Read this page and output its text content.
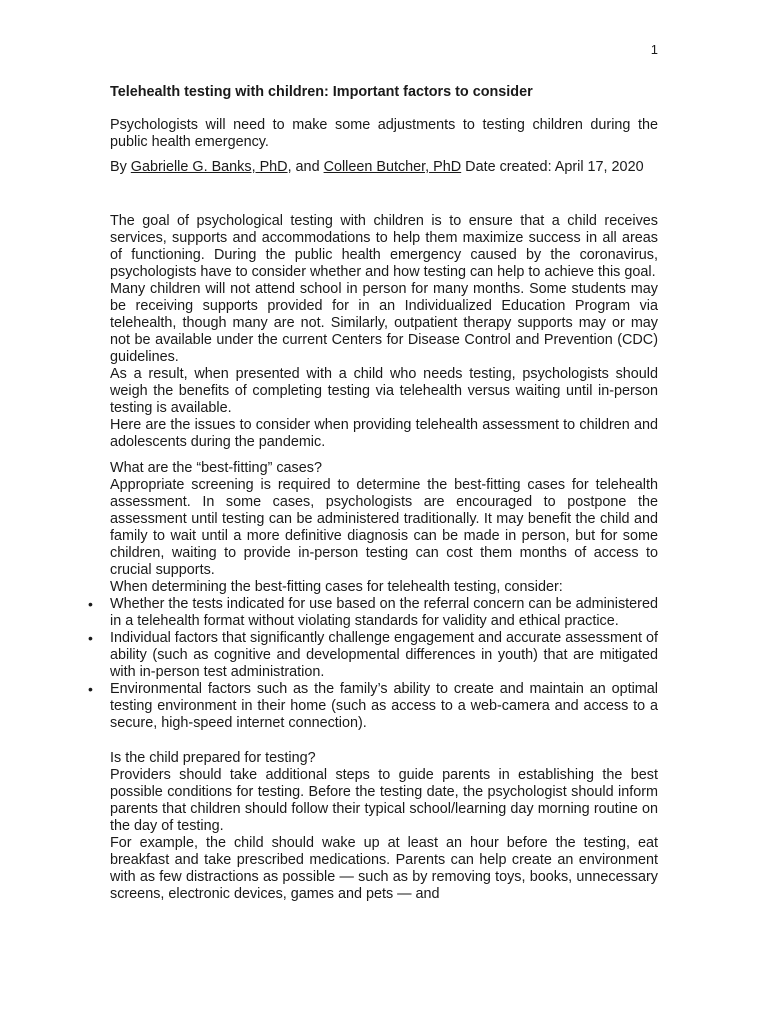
1

Telehealth testing with children: Important factors to consider

Psychologists will need to make some adjustments to testing children during the public health emergency.

By Gabrielle G. Banks, PhD, and Colleen Butcher, PhD Date created: April 17, 2020

The goal of psychological testing with children is to ensure that a child receives services, supports and accommodations to help them maximize success in all areas of functioning. During the public health emergency caused by the coronavirus, psychologists have to consider whether and how testing can help to achieve this goal.

Many children will not attend school in person for many months. Some students may be receiving supports provided for in an Individualized Education Program via telehealth, though many are not. Similarly, outpatient therapy supports may or may not be available under the current Centers for Disease Control and Prevention (CDC) guidelines.

As a result, when presented with a child who needs testing, psychologists should weigh the benefits of completing testing via telehealth versus waiting until in-person testing is available.

Here are the issues to consider when providing telehealth assessment to children and adolescents during the pandemic.

What are the “best-fitting” cases?

Appropriate screening is required to determine the best-fitting cases for telehealth assessment. In some cases, psychologists are encouraged to postpone the assessment until testing can be administered traditionally. It may benefit the child and family to wait until a more definitive diagnosis can be made in person, but for some children, waiting to provide in-person testing can cost them months of access to crucial supports.

When determining the best-fitting cases for telehealth testing, consider:

• Whether the tests indicated for use based on the referral concern can be administered in a telehealth format without violating standards for validity and ethical practice.
• Individual factors that significantly challenge engagement and accurate assessment of ability (such as cognitive and developmental differences in youth) that are mitigated with in-person test administration.
• Environmental factors such as the family’s ability to create and maintain an optimal testing environment in their home (such as access to a web-camera and access to a secure, high-speed internet connection).

Is the child prepared for testing?

Providers should take additional steps to guide parents in establishing the best possible conditions for testing. Before the testing date, the psychologist should inform parents that children should follow their typical school/learning day morning routine on the day of testing.

For example, the child should wake up at least an hour before the testing, eat breakfast and take prescribed medications. Parents can help create an environment with as few distractions as possible — such as by removing toys, books, unnecessary screens, electronic devices, games and pets — and
